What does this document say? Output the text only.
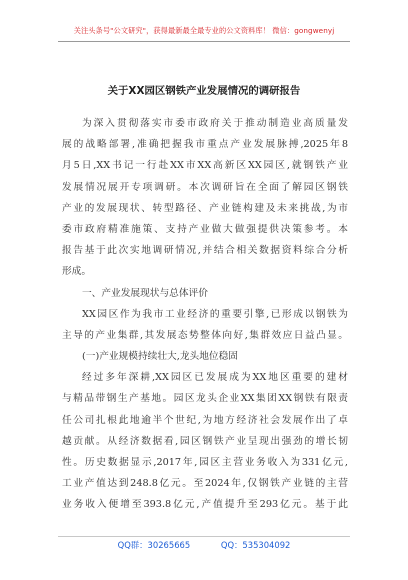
关注头条号"公文研究"，获得最新最全最专业的公文资料库！ 微信：gongwenyj
关于XX园区钢铁产业发展情况的调研报告
为深入贯彻落实市委市政府关于推动制造业高质量发
展的战略部署,准确把握我市重点产业发展脉搏,2025年8
月5日,XX书记一行赴XX市XX高新区XX园区,就钢铁产业
发展情况展开专项调研。本次调研旨在全面了解园区钢铁
产业的发展现状、转型路径、产业链构建及未来挑战,为市
委市政府精准施策、支持产业做大做强提供决策参考。本
报告基于此次实地调研情况,并结合相关数据资料综合分析
形成。
一、产业发展现状与总体评价
XX园区作为我市工业经济的重要引擎,已形成以钢铁为
主导的产业集群,其发展态势整体向好,集群效应日益凸显。
(一)产业规模持续壮大,龙头地位稳固
经过多年深耕,XX园区已发展成为XX地区重要的建材
与精品带钢生产基地。园区龙头企业XX集团XX钢铁有限责
任公司扎根此地逾半个世纪,为地方经济社会发展作出了卓
越贡献。从经济数据看,园区钢铁产业呈现出强劲的增长韧
性。历史数据显示,2017年,园区主营业务收入为331亿元,
工业产值达到248.8亿元。至2024年,仅钢铁产业链的主营
业务收入便增至393.8亿元,产值提升至293亿元。基于此
QQ群：30265665	QQ：535304092
